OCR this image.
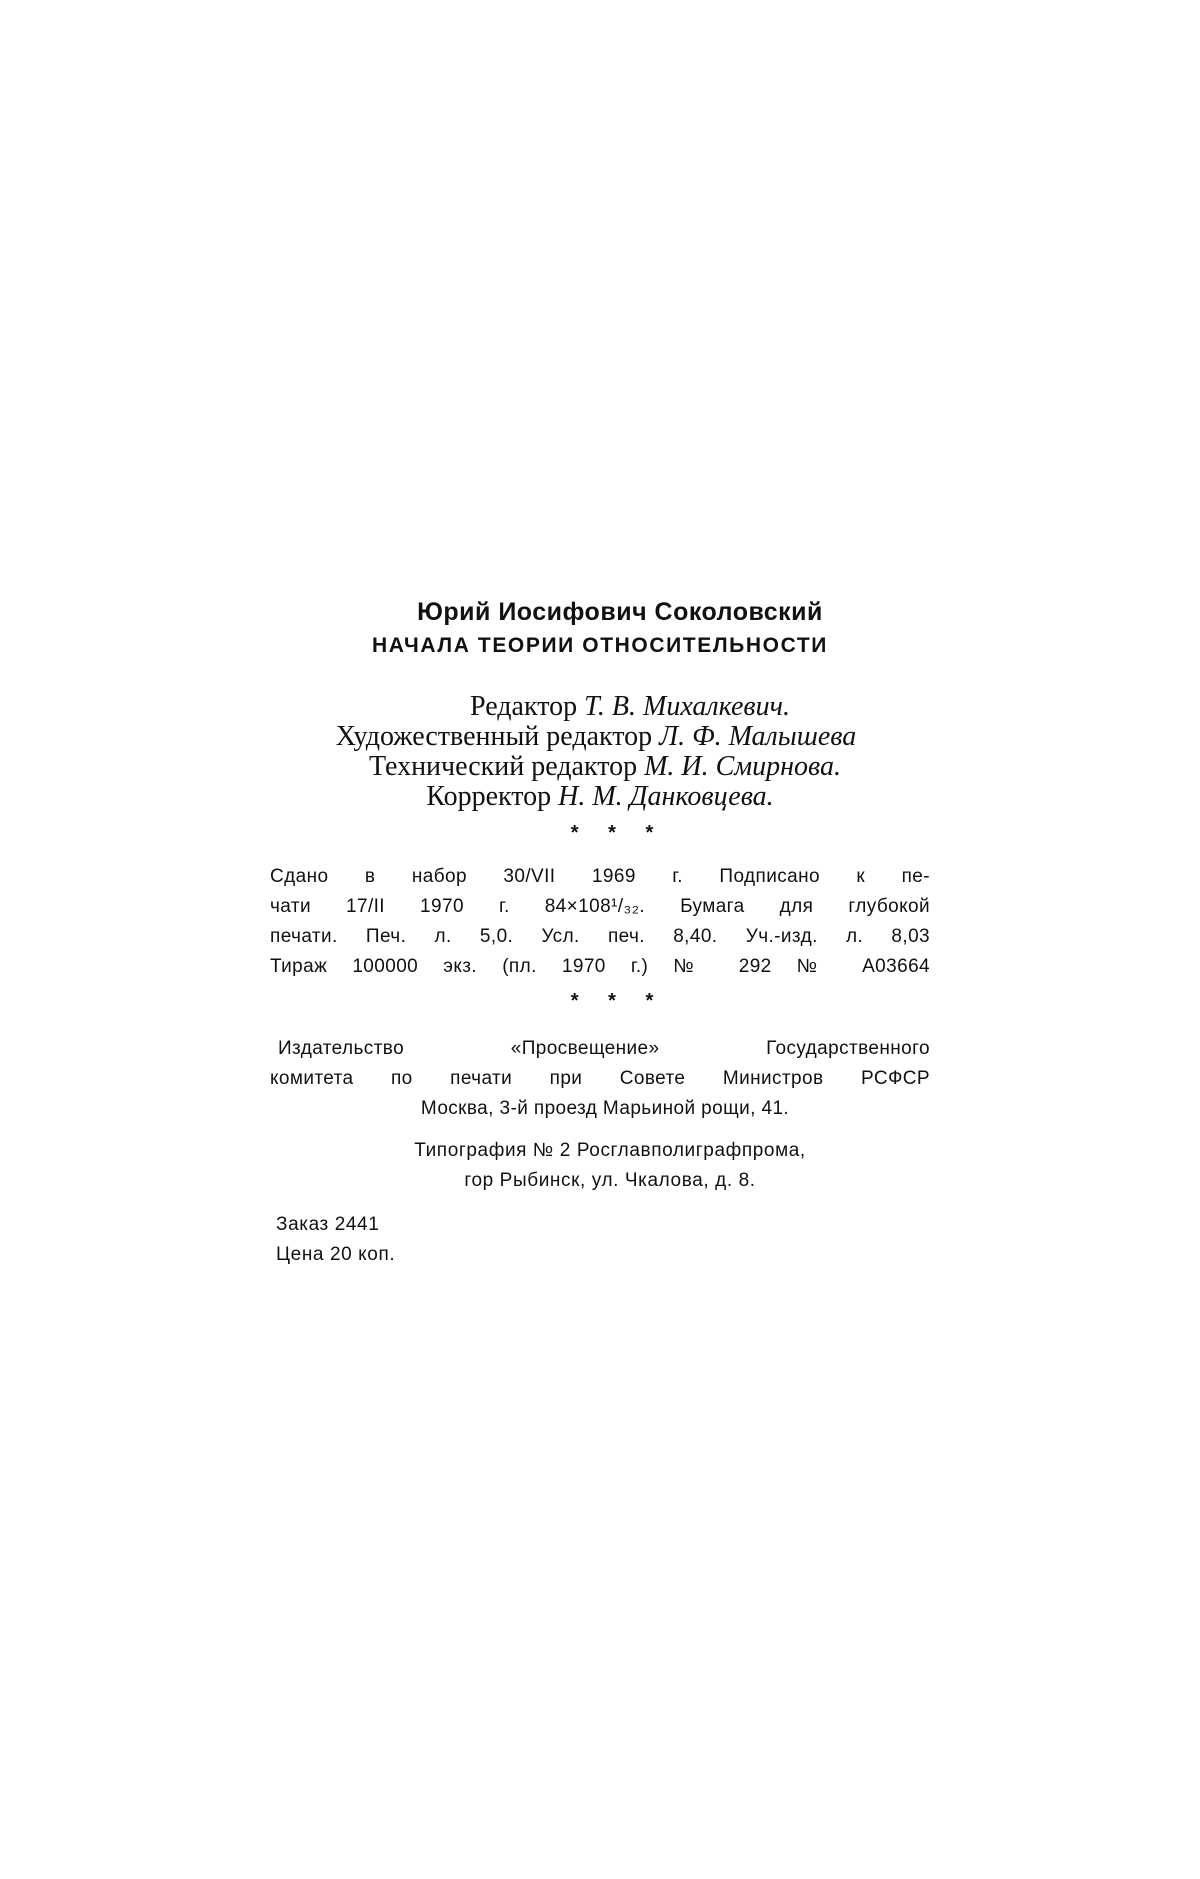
Юрий Иосифович Соколовский
НАЧАЛА ТЕОРИИ ОТНОСИТЕЛЬНОСТИ
Редактор Т. В. Михалкевич.
Художественный редактор Л. Ф. Малышева
Технический редактор М. И. Смирнова.
Корректор Н. М. Данковцева.
* * *
Сдано в набор 30/VII 1969 г. Подписано к пе-
чати 17/II 1970 г. 84×108¹/₃₂. Бумага для глубокой
печати. Печ. л. 5,0. Усл. печ. 8,40. Уч.-изд. л. 8,03
Тираж 100000 экз. (пл. 1970 г.) № 292 № А03664
* * *
Издательство «Просвещение» Государственного
комитета по печати при Совете Министров РСФСР
Москва, 3-й проезд Марьиной рощи, 41.
Типография № 2 Росглавполиграфпрома,
гор Рыбинск, ул. Чкалова, д. 8.
Заказ 2441
Цена 20 коп.
